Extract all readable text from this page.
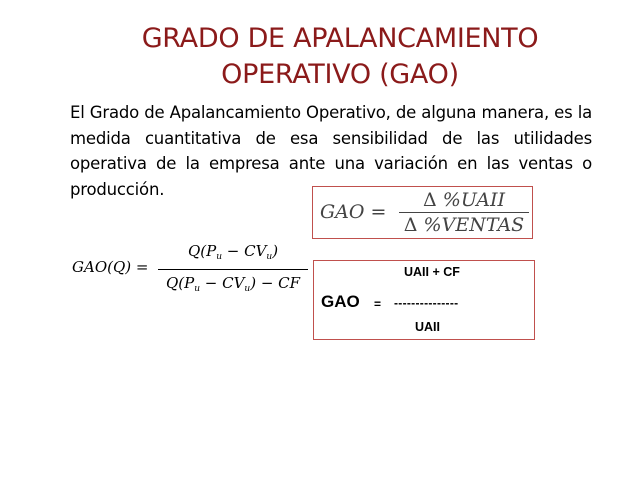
GRADO DE APALANCAMIENTO
OPERATIVO (GAO)
El Grado de Apalancamiento Operativo, de alguna manera, es la medida cuantitativa de esa sensibilidad de las utilidades operativa de la empresa ante una variación en las ventas o producción.
GAO =
Δ %UAII
Δ %VENTAS
GAO(Q) =
$Q(P_u - CV_u)$
$Q(P_u - CV_u)$ − CF
UAII + CF
GAO = ---------------
UAII
